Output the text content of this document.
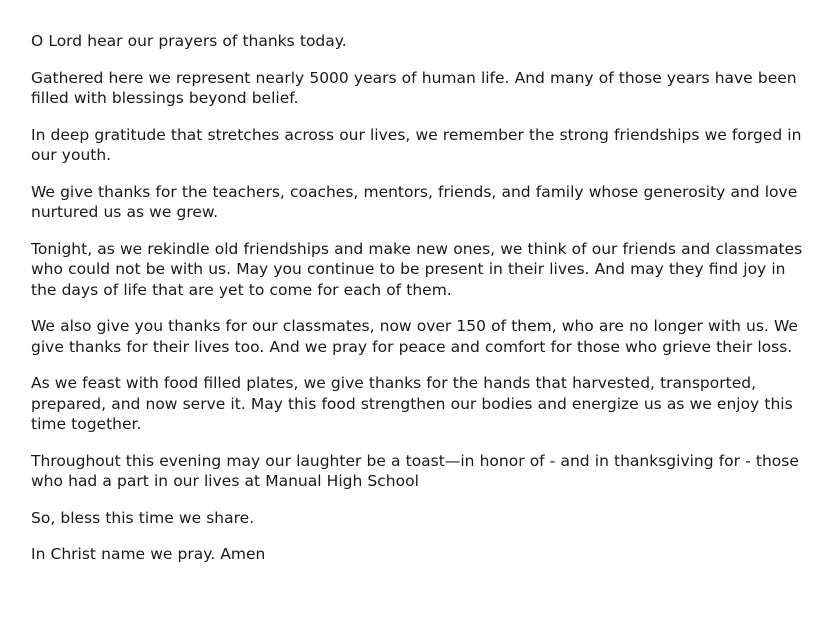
O Lord hear our prayers of thanks today.

Gathered here we represent nearly 5000 years of human life. And many of those years have been filled with blessings beyond belief.

In deep gratitude that stretches across our lives, we remember the strong friendships we forged in our youth.

We give thanks for the teachers, coaches, mentors, friends, and family whose generosity and love nurtured us as we grew.

Tonight, as we rekindle old friendships and make new ones, we think of our friends and classmates who could not be with us. May you continue to be present in their lives. And may they find joy in the days of life that are yet to come for each of them.

We also give you thanks for our classmates, now over 150 of them, who are no longer with us. We give thanks for their lives too. And we pray for peace and comfort for those who grieve their loss.

As we feast with food filled plates, we give thanks for the hands that harvested, transported, prepared, and now serve it. May this food strengthen our bodies and energize us as we enjoy this time together.

Throughout this evening may our laughter be a toast—in honor of - and in thanksgiving for - those who had a part in our lives at Manual High School

So, bless this time we share.

In Christ name we pray. Amen
